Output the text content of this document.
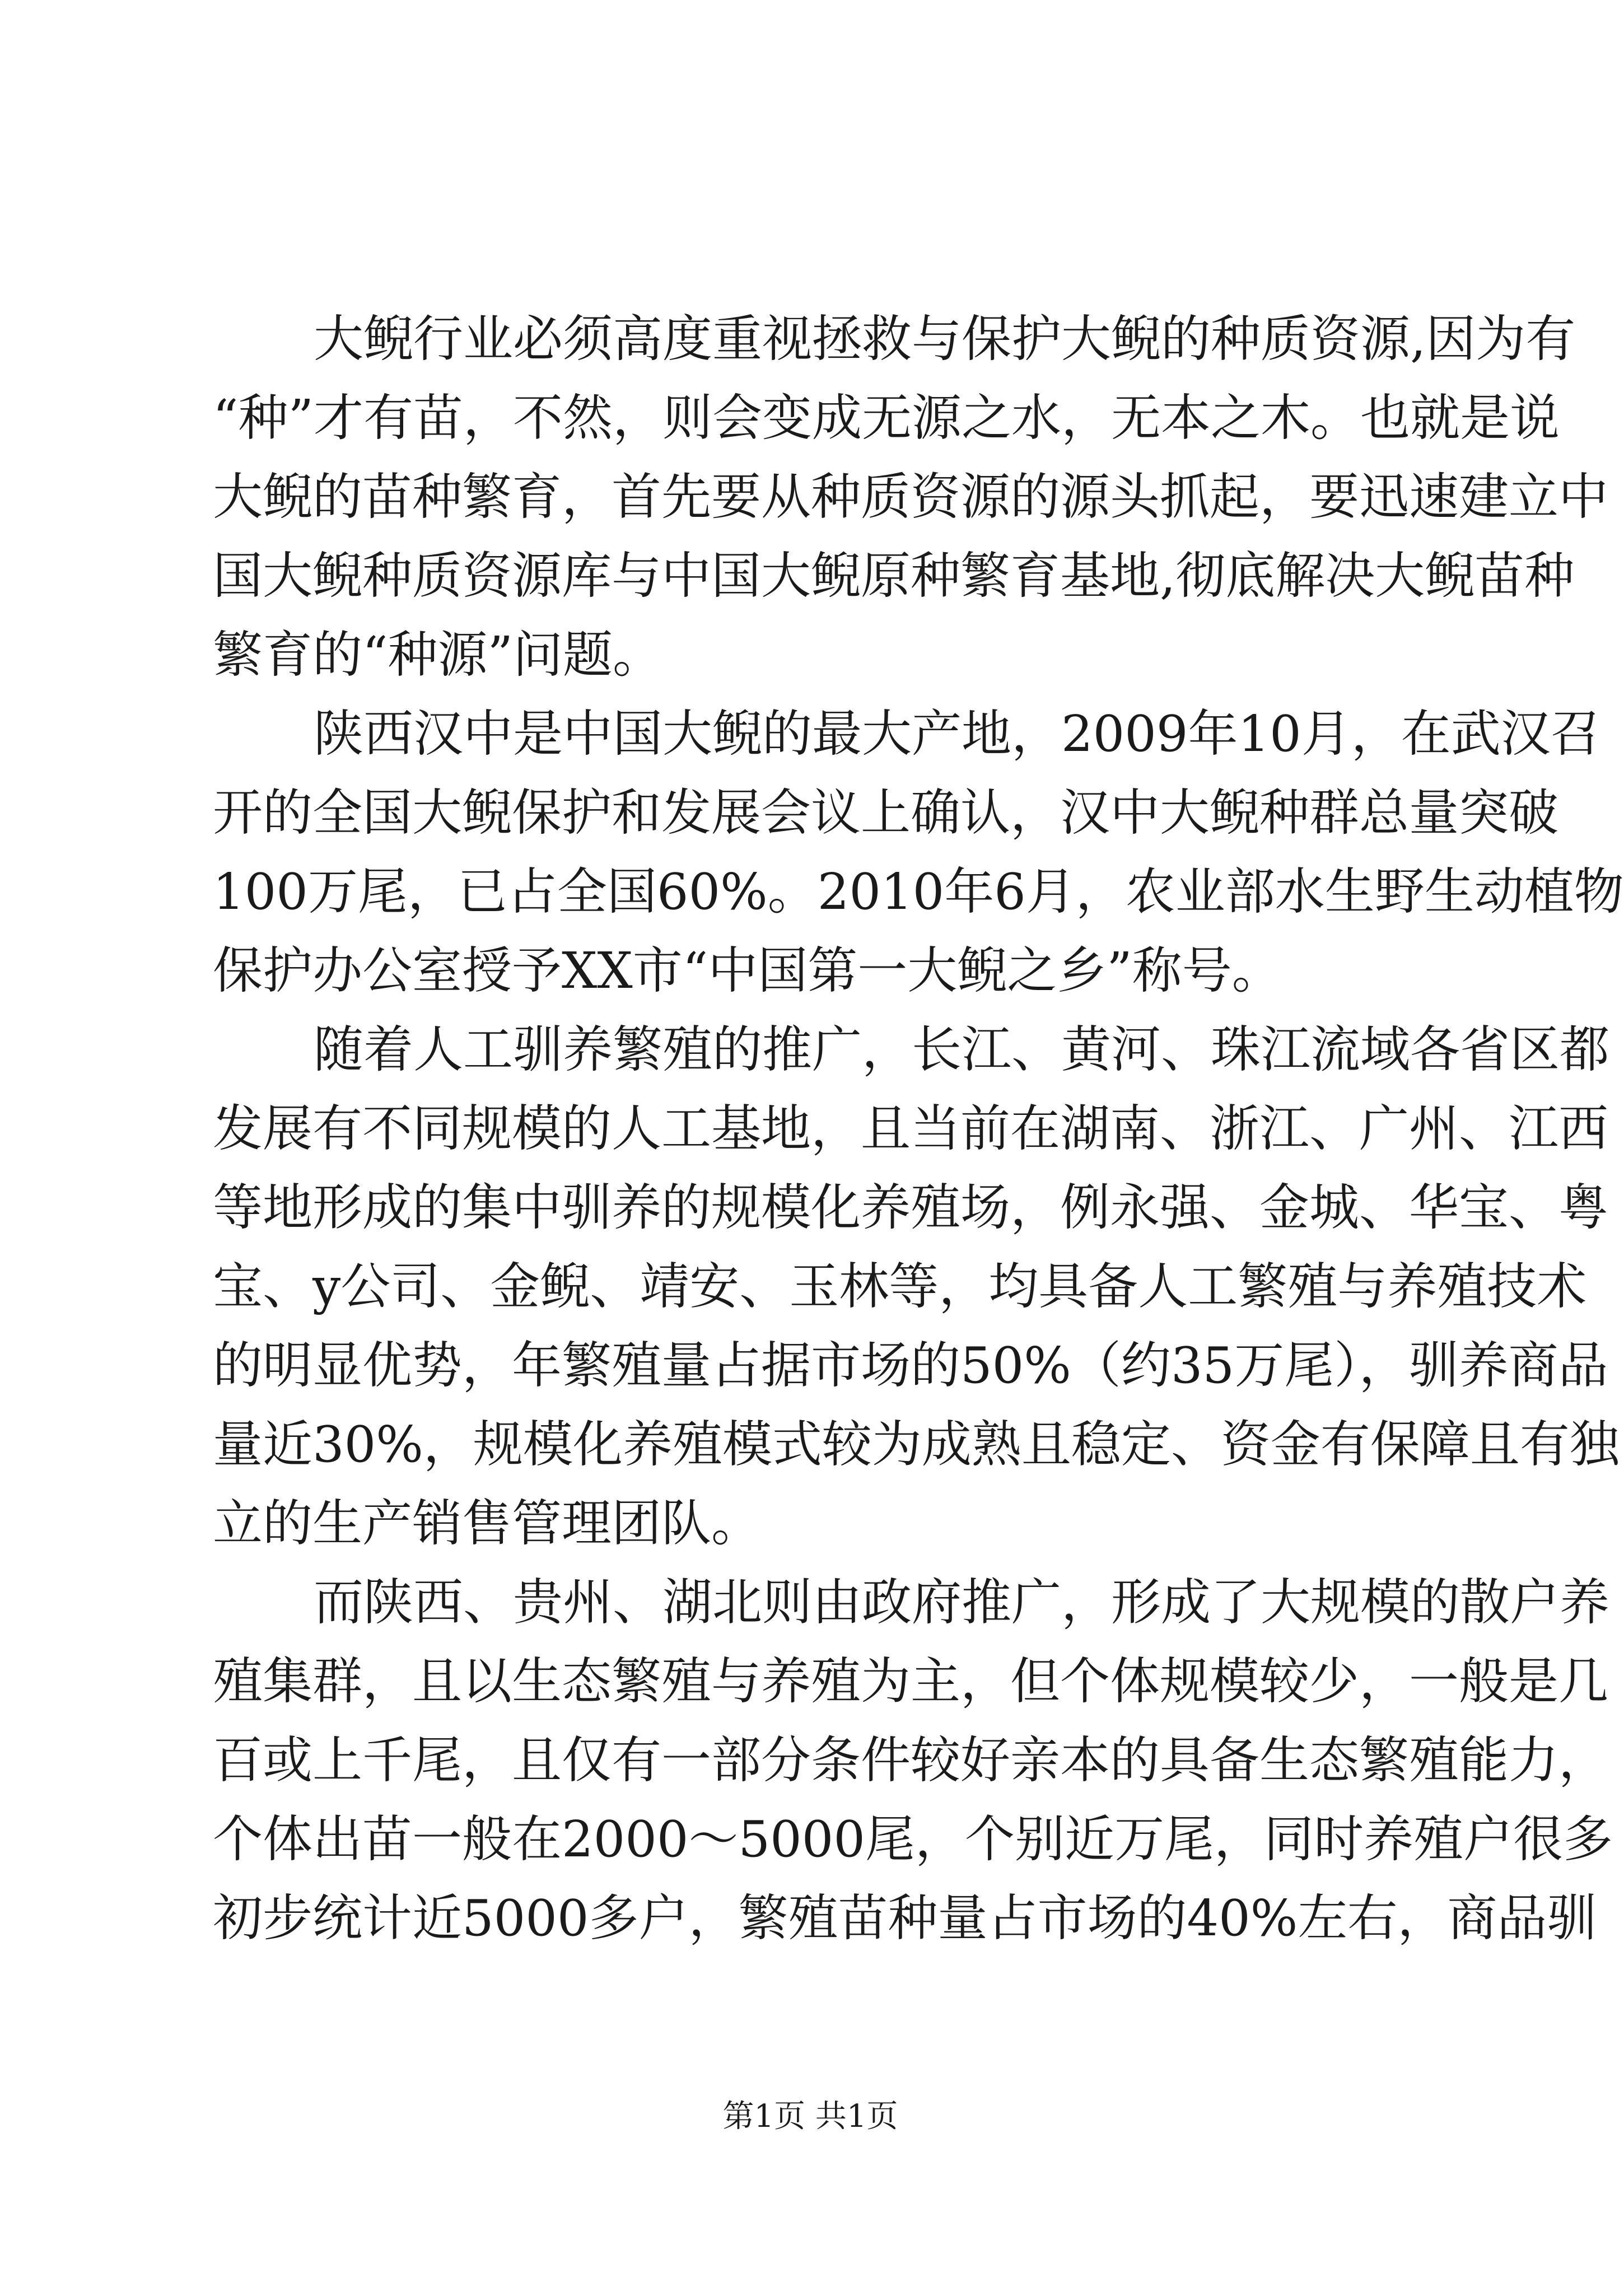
大鲵行业必须高度重视拯救与保护大鲵的种质资源,因为有
“种”才有苗，不然，则会变成无源之水，无本之木。也就是说
大鲵的苗种繁育，首先要从种质资源的源头抓起，要迅速建立中
国大鲵种质资源库与中国大鲵原种繁育基地,彻底解决大鲵苗种
繁育的“种源”问题。
陕西汉中是中国大鲵的最大产地，2009年10月，在武汉召
开的全国大鲵保护和发展会议上确认，汉中大鲵种群总量突破
100万尾，已占全国60%。2010年6月，农业部水生野生动植物
保护办公室授予XX市“中国第一大鲵之乡”称号。
随着人工驯养繁殖的推广，长江、黄河、珠江流域各省区都
发展有不同规模的人工基地，且当前在湖南、浙江、广州、江西
等地形成的集中驯养的规模化养殖场，例永强、金城、华宝、粤
宝、y公司、金鲵、靖安、玉林等，均具备人工繁殖与养殖技术
的明显优势，年繁殖量占据市场的50%（约35万尾），驯养商品
量近30%，规模化养殖模式较为成熟且稳定、资金有保障且有独
立的生产销售管理团队。
而陕西、贵州、湖北则由政府推广，形成了大规模的散户养
殖集群，且以生态繁殖与养殖为主，但个体规模较少，一般是几
百或上千尾，且仅有一部分条件较好亲本的具备生态繁殖能力，
个体出苗一般在2000～5000尾，个别近万尾，同时养殖户很多
初步统计近5000多户，繁殖苗种量占市场的40%左右，商品驯
第1页 共1页
